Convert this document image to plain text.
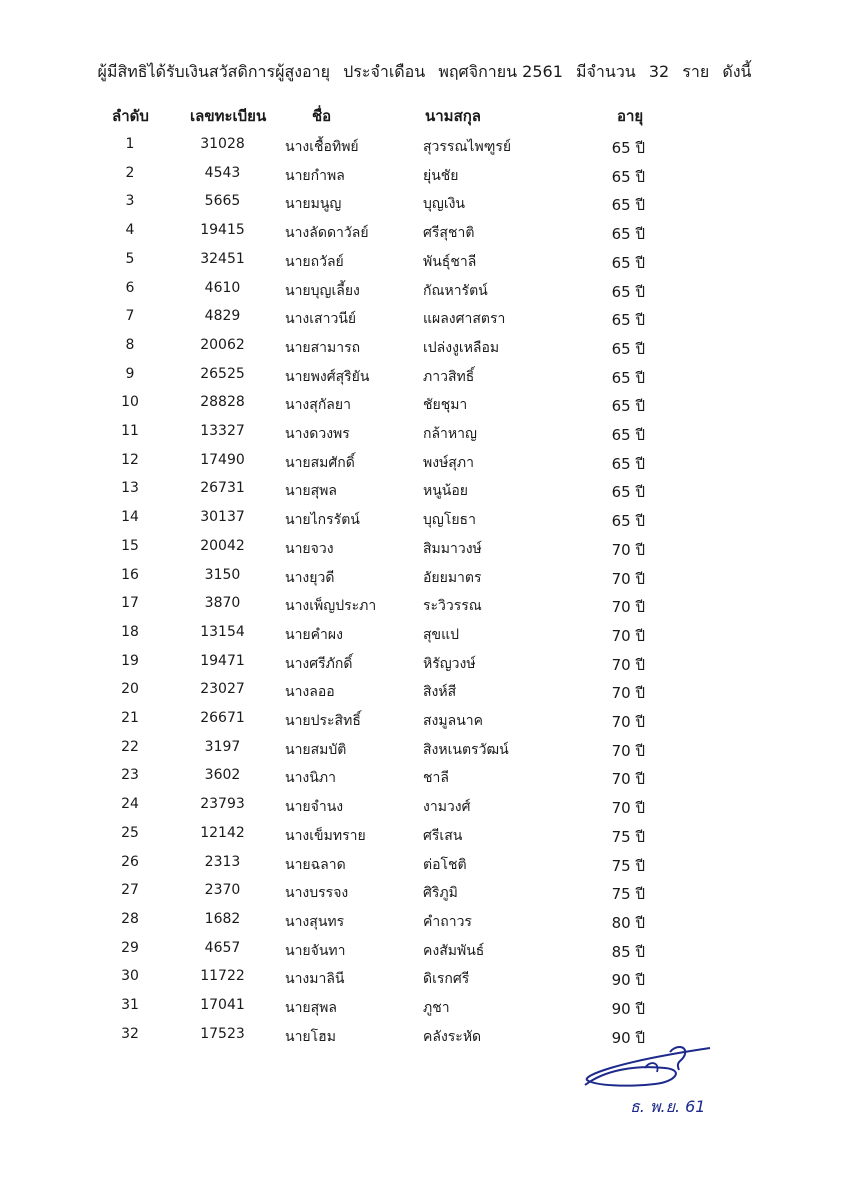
ผู้มีสิทธิได้รับเงินสวัสดิการผู้สูงอายุ ประจำเดือน พฤศจิกายน 2561 มีจำนวน 32 ราย ดังนี้
ลำดับ	เลขทะเบียน	ชื่อ	นามสกุล	อายุ
1	31028	นางเชื้อทิพย์	สุวรรณไพฑูรย์	65 ปี
2	4543	นายกำพล	ยุ่นชัย	65 ปี
3	5665	นายมนูญ	บุญเงิน	65 ปี
4	19415	นางลัดดาวัลย์	ศรีสุชาติ	65 ปี
5	32451	นายถวัลย์	พันธุ์ชาลี	65 ปี
6	4610	นายบุญเลี้ยง	กัณหารัตน์	65 ปี
7	4829	นางเสาวนีย์	แผลงศาสตรา	65 ปี
8	20062	นายสามารถ	เปล่งงูเหลือม	65 ปี
9	26525	นายพงศ์สุริยัน	ภาวสิทธิ์	65 ปี
10	28828	นางสุกัลยา	ชัยชุมา	65 ปี
11	13327	นางดวงพร	กล้าหาญ	65 ปี
12	17490	นายสมศักดิ์	พงษ์สุภา	65 ปี
13	26731	นายสุพล	หนูน้อย	65 ปี
14	30137	นายไกรรัตน์	บุญโยธา	65 ปี
15	20042	นายจวง	สิมมาวงษ์	70 ปี
16	3150	นางยุวดี	อัยยมาตร	70 ปี
17	3870	นางเพ็ญประภา	ระวิวรรณ	70 ปี
18	13154	นายคำผง	สุขแป	70 ปี
19	19471	นางศรีภักดิ์	หิรัญวงษ์	70 ปี
20	23027	นางลออ	สิงห์สี	70 ปี
21	26671	นายประสิทธิ์	สงมูลนาค	70 ปี
22	3197	นายสมบัติ	สิงหเนตรวัฒน์	70 ปี
23	3602	นางนิภา	ชาลี	70 ปี
24	23793	นายจำนง	งามวงศ์	70 ปี
25	12142	นางเข็มทราย	ศรีเสน	75 ปี
26	2313	นายฉลาด	ต่อโชติ	75 ปี
27	2370	นางบรรจง	ศิริภูมิ	75 ปี
28	1682	นางสุนทร	คำถาวร	80 ปี
29	4657	นายจันทา	คงสัมพันธ์	85 ปี
30	11722	นางมาลินี	ดิเรกศรี	90 ปี
31	17041	นายสุพล	ภูชา	90 ปี
32	17523	นายโฮม	คลังระหัด	90 ปี
ธ. พ.ย. 61
